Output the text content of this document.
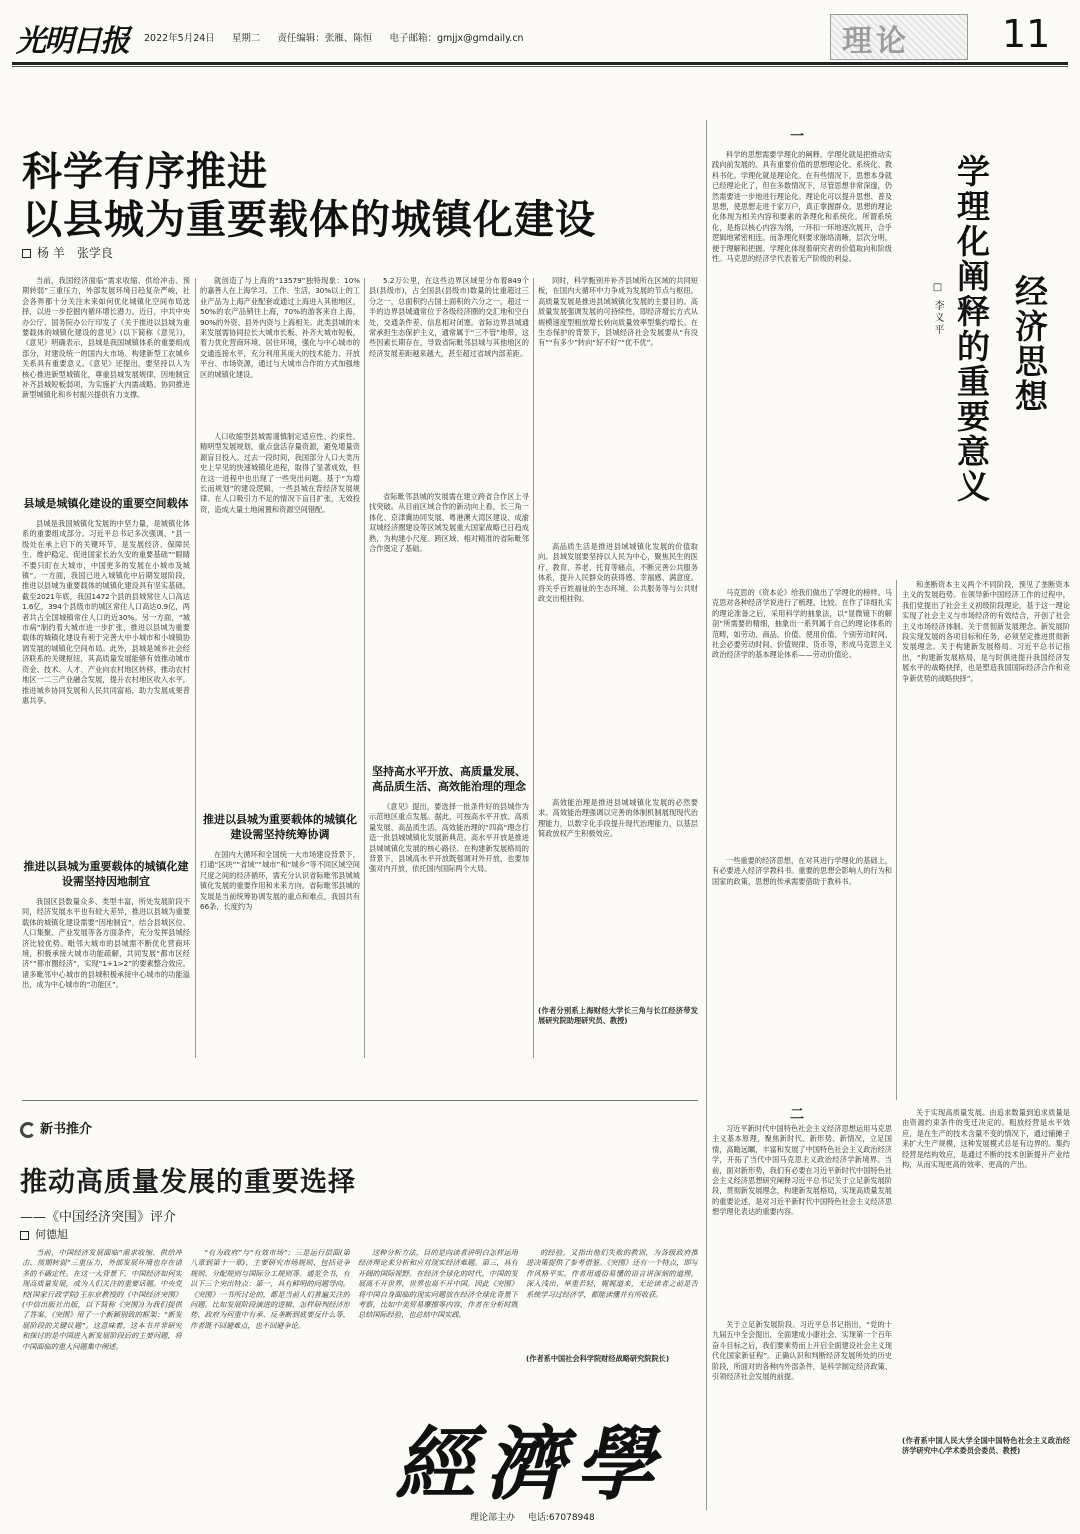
光明日报 2022年5月24日 星期二 责任编辑：张雁、陈恒 电子邮箱：gmjjx@gmdaily.cn	理论 11
科学有序推进
以县城为重要载体的城镇化建设
杨 羊　张学良

当前，我国经济面临“需求收缩、供给冲击、预期转弱”三重压力，外部发展环境日趋复杂严峻，社会各界都十分关注未来如何优化城镇化空间布局选择，以进一步挖掘内循环增长潜力。近日，中共中央办公厅、国务院办公厅印发了《关于推进以县城为重要载体的城镇化建设的意见》(以下简称《意见》)，《意见》明确表示，县城是我国城镇体系的重要组成部分，对建设统一的国内大市场、构建新型工农城乡关系具有重要意义。《意见》还提出，要坚持以人为核心推进新型城镇化，尊重县城发展规律，因地制宜补齐县城短板弱项，为实施扩大内需战略、协同推进新型城镇化和乡村振兴提供有力支撑。

县域是城镇化建设的重要空间载体

县城是我国城镇化发展的中坚力量，是城镇化体系的重要组成部分。习近平总书记多次强调，“县一级处在承上启下的关键环节，是发展经济、保障民生、维护稳定、促进国家长治久安的重要基础”“眼睛不要只盯在大城市，中国更多的发展在小城市及城镇”。一方面，我国已进入城镇化中后期发展阶段，推进以县城为重要载体的城镇化建设具有坚实基础。截至2021年底，我国1472个县的县城常住人口高达1.6亿，394个县级市的城区常住人口高达0.9亿，两者共占全国城镇常住人口的近30%。另一方面，“城市病”制约着大城市进一步扩张，推进以县城为重要载体的城镇化建设有利于完善大中小城市和小城镇协调发展的城镇化空间布局。此外，县城是城乡社会经济联系的关键枢纽，其高质量发展能够有效推动城市资金、技术、人才、产业向农村地区转移，推动农村地区一二三产业融合发展，提升农村地区收入水平，推进城乡协同发展和人民共同富裕，助力发展成果普惠共享。

推进以县城为重要载体的城镇化建设需坚持因地制宜

我国区县数量众多、类型丰富，所处发展阶段不同，经济发展水平也有较大差异，推进以县城为重要载体的城镇化建设需要“因地制宜”，结合县城区位、人口集聚、产业发展等各方面条件，充分发挥县城经济比较优势。毗邻大城市的县城需不断优化营商环境，积极承接大城市功能疏解，共同发展“都市区经济”“都市圈经济”，实现“1+1>2”的要素整合效应。诸多毗邻中心城市的县城积极承接中心城市的功能溢出，成为中心城市的“功能区”。

就创造了与上海的“13579”独特现象：10%的嘉善人在上海学习、工作、生活，30%以上的工业产品为上海产业配套或通过上海进入其他地区，50%的农产品销往上海，70%的游客来自上海，90%的外资、县外内资与上海相关。此类县城的未来发展需协同拉长大城市长板、补齐大城市短板，着力优化营商环境、居住环境，强化与中心城市的交通连接水平，充分利用其庞大的技术能力、开放平台、市场资源，通过与大城市合作的方式加强地区的城镇化建设。

人口收缩型县城需谨慎制定适应性、约束性、精明型发展规划，重点盘活存量资源，避免增量资源盲目投入。过去一段时间，我国部分人口大类历史上早见的快速城镇化进程，取得了显著成效，但在这一进程中也出现了一些突出问题。基于“为增长而规划”的建设逻辑，一些县城在背经济发展规律、在人口吸引力不足的情况下盲目扩张，无效投资，造成大量土地闲置和资源空间错配。

推进以县城为重要载体的城镇化建设需坚持统筹协调

在国内大循环和全国统一大市场建设背景下，打通“区块”“省域”“城市”和“城乡”等不同区域空间尺度之间的经济循环，需充分认识省际毗邻县城城镇化发展的重要作用和未来方向。省际毗邻县城的发展是当前统筹协调发展的重点和难点，我国共有66条，长度约为

5.2万公里，在这些边界区域里分布着849个县(县级市)，占全国县(县级市)数量的比重超过三分之一，总面积约占国土面积的六分之一，超过一半的边界县城通常位于各级经济圈的交汇地和空白处，交通条件差、信息相对闭塞。省际边界县城通常承担生态保护主义，通常属于“三不管”地带。这些因素长期存在，导致省际毗邻县城与其他地区的经济发展差距越来越大，甚至超过省域内部差距。

省际毗邻县城的发展需在建立跨省合作区上寻找突破。从目前区域合作的新动向上看，长三角一体化、京津冀协同发展、粤港澳大湾区建设、成渝双城经济圈建设等区域发展重大国家战略已日趋成熟，为构建小尺度、跨区域、相对精准的省际毗邻合作奠定了基础。

坚持高水平开放、高质量发展、高品质生活、高效能治理的理念

《意见》提出，要选择一批条件好的县城作为示范地区重点发展。据此，可按高水平开放、高质量发展、高品质生活、高效能治理的“四高”理念打造一批县城城镇化发展新典范。高水平开放是推进县城城镇化发展的核心路径。在构建新发展格局的背景下，县域高水平开放既强调对外开放，也要加强对内开放，依托国内国际两个大局。

同时，科学甄别并补齐县域所在区域的共同短板，在国内大循环中力争成为发展的节点与枢纽。高质量发展是推进县域城镇化发展的主要目的。高质量发展强调发展的可持续性，即经济增长方式从规模速度型粗放增长转向质量效率型集约增长。在生态保护的背景下，县城经济社会发展要从“有没有”“有多少”转向“好不好”“优不优”。

高品质生活是推进县域城镇化发展的价值取向。县域发展要坚持以人民为中心，聚焦民生的医疗、教育、养老、托育等痛点，不断完善公共服务体系，提升人民群众的获得感、幸福感、满意度。将关乎百姓福祉的生态环境、公共服务等与公共财政支出相挂钩。

高效能治理是推进县城城镇化发展的必然要求。高效能治理强调以完善的体制机制展现现代治理能力，以数字化手段提升现代治理能力，以基层简政放权产生积极效应。

(作者分别系上海财经大学长三角与长江经济带发展研究院助理研究员、教授)

一
学理化阐释的重要意义 经济思想
□ 李义平

科学的思想需要学理化的阐释。学理化就是把推动实践向前发展的、具有重要价值的思想理论化、系统化、教科书化。学理化就是理论化。在有些情况下，思想本身就已经理论化了，但在多数情况下，尽管思想非常深邃，仍然需要进一步地进行理论化。理论化可以提升思想、普及思想，使思想走进千家万户，真正掌握群众。思想的理论化体现为相关内容和要素的条理化和系统化。所谓系统化，是指以核心内容为纲，一环扣一环地逐次展开，合乎逻辑地紧密相连。而条理化则要求脉络清晰，层次分明，便于理解和把握。学理化体现着研究者的价值取向和阶级性。马克思的经济学代表着无产阶级的利益。

马克思的《资本论》给我们做出了学理化的榜样。马克思对各种经济学说进行了梳理、比较。在作了详细扎实的理论准备之后，采用科学的抽象法，以“显微镜下的解剖”所需要的精细，抽象出一系列属于自己的理论体系的范畴，如劳动、商品、价值、使用价值、个别劳动时间、社会必要劳动时间、价值规律、货币等，形成马克思主义政治经济学的基本理论体系——劳动价值论。

一些重要的经济思想，在对其进行学理化的基础上，有必要进入经济学教科书。重要的思想会影响人的行为和国家的政策，思想的传承需要借助于教科书。

和垄断资本主义两个不同阶段，预见了垄断资本主义的发展趋势。在领导新中国经济工作的过程中，我们党提出了社会主义初级阶段理论，基于这一理论实现了社会主义与市场经济的有效结合，开创了社会主义市场经济体制。关于贯彻新发展理念。新发展阶段实现发展的各项目标和任务，必须坚定推进贯彻新发展理念。关于构建新发展格局。习近平总书记指出，“构建新发展格局，是与时俱进提升我国经济发展水平的战略抉择，也是塑造我国国际经济合作和竞争新优势的战略抉择”。

关于实现高质量发展。由追求数量到追求质量是由资源约束条件的变迁决定的。粗放经营是水平效应，是在生产的技术含量不变的情况下，通过铺摊子来扩大生产规模，这种发展模式总是有边界的。集约经营是结构效应，是通过不断的技术创新提升产业结构，从而实现更高的效率、更高的产出。

(作者系中国人民大学全国中国特色社会主义政治经济学研究中心学术委员会委员、教授)

二

习近平新时代中国特色社会主义经济思想运用马克思主义基本原理，聚焦新时代、新形势、新情况，立足国情，高瞻远瞩，丰富和发展了中国特色社会主义政治经济学，开拓了当代中国马克思主义政治经济学新境界。当前，面对新形势，我们有必要在习近平新时代中国特色社会主义经济思想研究阐释习近平总书记关于立足新发展阶段，贯彻新发展理念，构建新发展格局，实现高质量发展的重要论述，是对习近平新时代中国特色社会主义经济思想学理化表达的重要内容。

关于立足新发展阶段。习近平总书记指出，“党的十九届五中全会提出，全面建成小康社会、实现第一个百年奋斗目标之后，我们要乘势而上开启全面建设社会主义现代化国家新征程”。正确认识和判断经济发展所处的历史阶段，所面对的各种内外部条件，是科学制定经济政策、引领经济社会发展的前提。

新书推介
推动高质量发展的重要选择
——《中国经济突围》评介
何德旭

当前，中国经济发展面临“需求收缩、供给冲击、预期转弱”三重压力，外部发展环境也存在诸多的不确定性。在这一大背景下，中国经济如何实现高质量发展，成为人们关注的重要话题。中央党校(国家行政学院)王东京教授的《中国经济突围》(中信出版社出版，以下简称《突围》)为我们提供了答案。《突围》用了一个新颖别致的框架：“新发展阶段的关键议题”。这意味着，这本书并非研究和探讨的是中国进入新发展阶段后的主要问题，将中国面临的重大问题集中阐述。

“有为政府”与“有效市场”；三是运行层面(第八章到第十一章)，主要研究市场规则、包括竞争规则、分配规则与国际分工规则等。通览全书，有以下三个突出特点：第一，具有鲜明的问题导向。《突围》一书所讨论的，都是当前人们普遍关注的问题。比如发展阶段演进的逻辑、怎样研判经济形势、政府为何重中有承、反垄断到底要反什么等，作者既不回避难点，也不回避争论。

这种分析方法，目的是向读者讲明白怎样运用经济理论来分析和应对现实经济难题。第三，具有开阔的国际视野。在经济全球化的时代，中国的发展离不开世界，世界也离不开中国。因此《突围》将中国自身面临的现实问题放在经济全球化背景下考察，比如中美贸易摩擦等内容，作者在分析时既总结国际经验，也总结中国实践。

的经验，又指出他们失败的教训，为各级政府推进决策提供了参考借鉴。《突围》还有一个特点，即写作风格平实。作者用通俗易懂的语言讲深刻的道理，深入浅出，举重若轻，娓娓道来，无论读者之前是否系统学习过经济学，都能读懂并有所收获。

(作者系中国社会科学院财经战略研究院院长)

經濟學
理论部主办 电话:67078948
